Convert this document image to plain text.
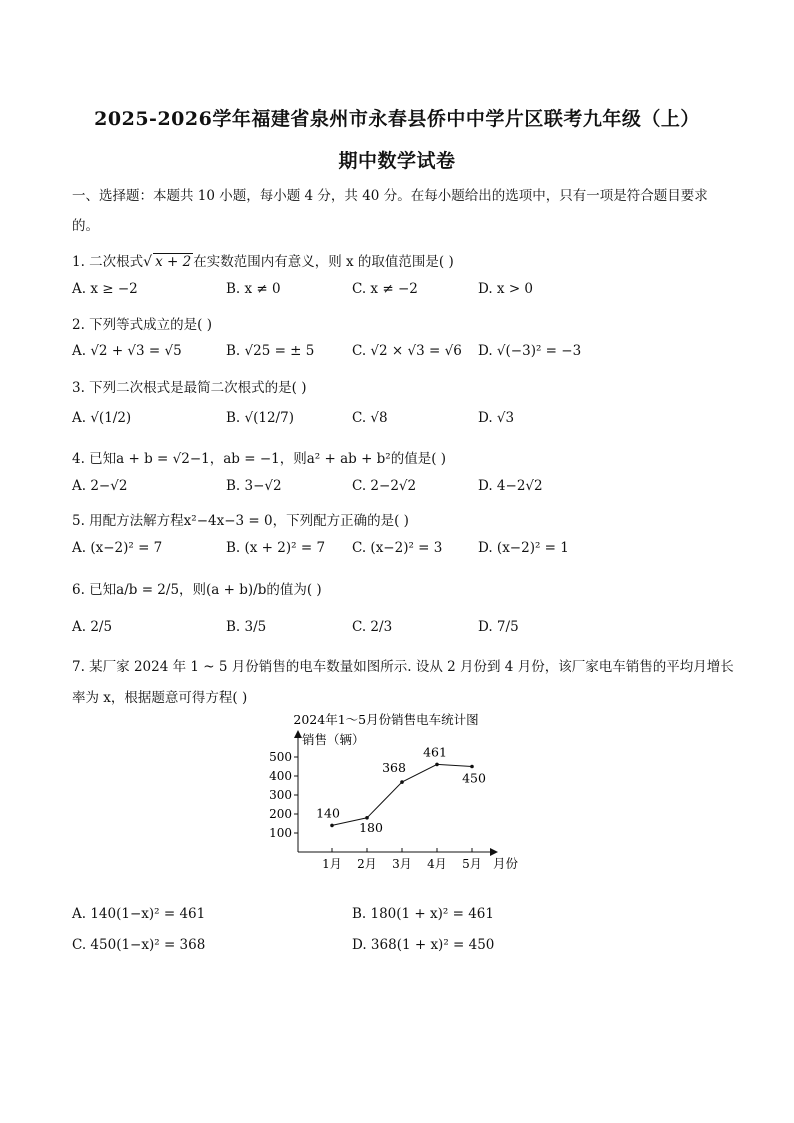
2025-2026学年福建省泉州市永春县侨中中学片区联考九年级（上）
期中数学试卷
一、选择题：本题共 10 小题，每小题 4 分，共 40 分。在每小题给出的选项中，只有一项是符合题目要求的。
1. 二次根式√ x + 2 在实数范围内有意义，则 x 的取值范围是( )
A. x ≥ −2	B. x ≠ 0	C. x ≠ −2	D. x > 0
2. 下列等式成立的是( )
A. √2 + √3 = √5	B. √25 = ± 5	C. √2 × √3 = √6 D. √(−3)² = −3
3. 下列二次根式是最简二次根式的是( )
A. √(1/2)	B. √(12/7)	C. √8	D. √3
4. 已知a + b = √2−1，ab = −1，则a² + ab + b²的值是( )
A. 2−√2	B. 3−√2	C. 2−2√2	D. 4−2√2
5. 用配方法解方程x²−4x−3 = 0，下列配方正确的是( )
A. (x−2)² = 7	B. (x + 2)² = 7 C. (x−2)² = 3	D. (x−2)² = 1
6. 已知a/b = 2/5，则(a + b)/b的值为( )
A. 2/5	B. 3/5	C. 2/3	D. 7/5
7. 某厂家 2024 年 1 ~ 5 月份销售的电车数量如图所示. 设从 2 月份到 4 月份，该厂家电车销售的平均月增长
率为 x，根据题意可得方程( )
2024年1～5月份销售电车统计图
销售（辆）
月份
100
200
300
400
500
1月 2月 3月 4月 5月
140
180
368
461
450
A. 140(1−x)² = 461	B. 180(1 + x)² = 461
C. 450(1−x)² = 368	D. 368(1 + x)² = 450
